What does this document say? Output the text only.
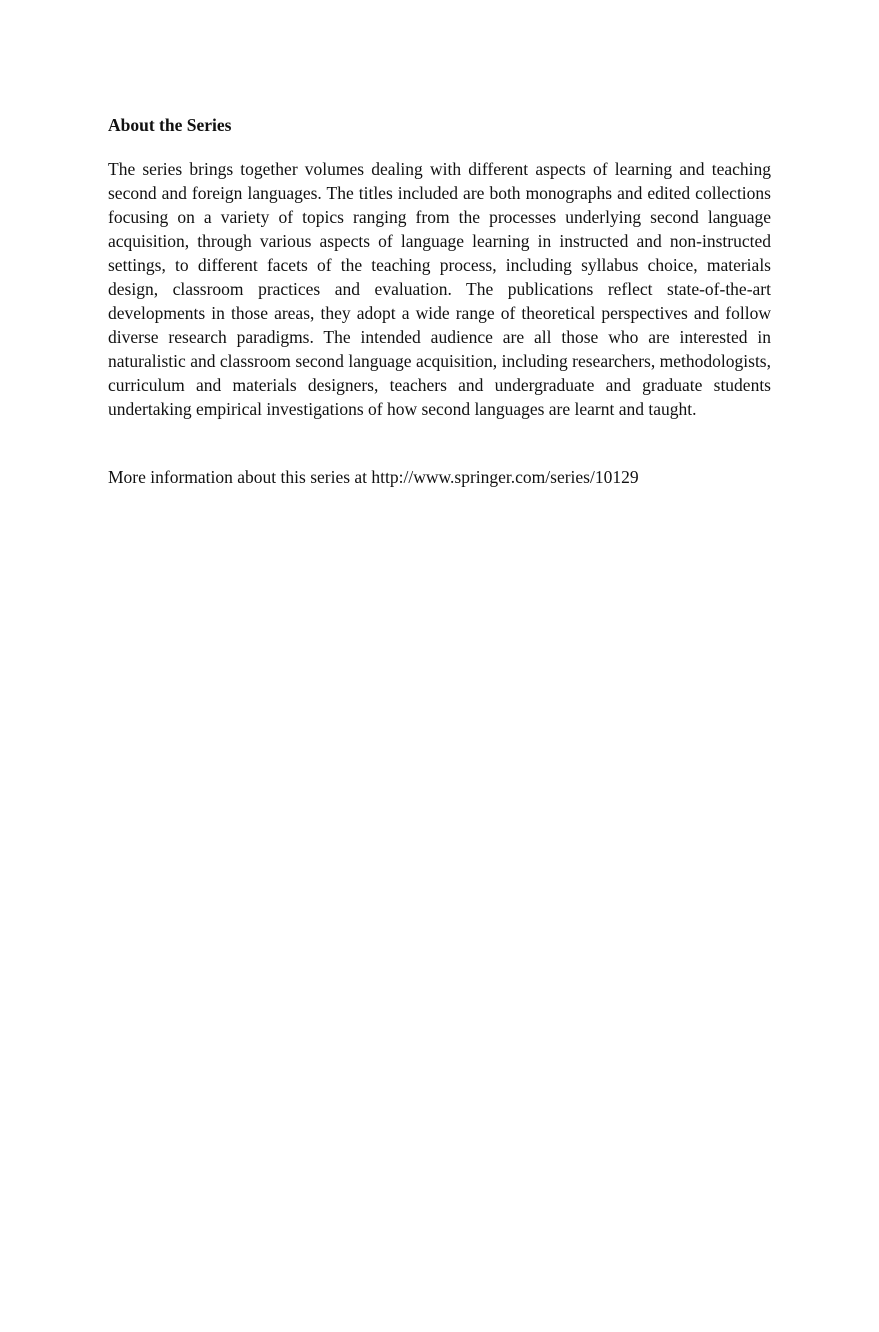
About the Series

The series brings together volumes dealing with different aspects of learning and teaching second and foreign languages. The titles included are both monographs and edited collections focusing on a variety of topics ranging from the processes underlying second language acquisition, through various aspects of language learning in instructed and non-instructed settings, to different facets of the teaching process, including syllabus choice, materials design, classroom practices and evaluation. The publications reflect state-of-the-art developments in those areas, they adopt a wide range of theoretical perspectives and follow diverse research paradigms. The intended audience are all those who are interested in naturalistic and classroom second language acquisition, including researchers, methodologists, curriculum and materials designers, teachers and undergraduate and graduate students undertaking empirical investigations of how second languages are learnt and taught.

More information about this series at http://www.springer.com/series/10129
